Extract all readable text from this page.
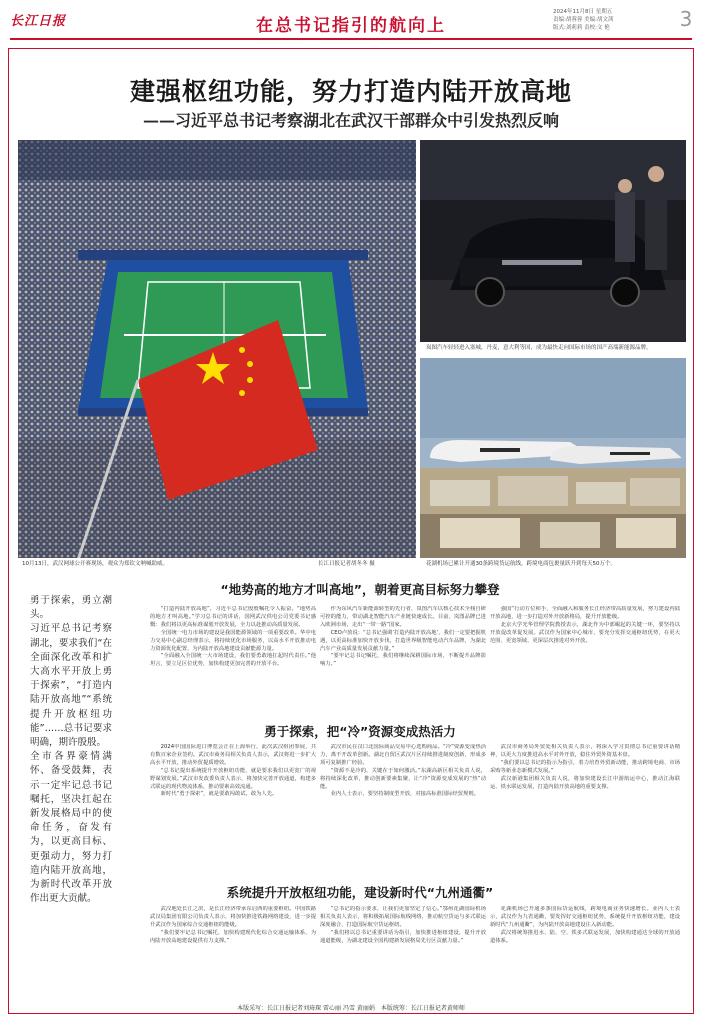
长江日报	在总书记指引的航向上
2024年11月8日 星期五
责编:胡蓉蓉 美编:胡文茜
版式:刘莉莉 责校:文 艳	3
建强枢纽功能，努力打造内陆开放高地
——习近平总书记考察湖北在武汉干部群众中引发热烈反响
10月13日，武汉网球公开赛现场，观众为郑钦文呐喊助威。	长江日报记者胡冬冬 摄
岚图汽车轻轻进入塞城，丹麦，意大利等国，成为最快走向国际市场的国产高端新能源品牌。
花湖机场已累计开通30条跨境货运航线，跨境电商包裹量跃升到每天50万个。
“地势高的地方才叫高地”，朝着更高目标努力攀登
勇于探索，勇立潮头。
习近平总书记考察湖北，要求我们“在全面深化改革和扩大高水平开放上勇于探索”，“打造内陆开放高地”“系统提升开放枢纽功能”……总书记要求明确，期许殷殷。
全市各界豪情满怀、备受鼓舞，表示一定牢记总书记嘱托，坚决扛起在新发展格局中的使命任务，奋发有为，以更高目标、更强动力，努力打造内陆开放高地，为新时代改革开放作出更大贡献。

“打造内陆开放高地”，习近平总书记殷殷嘱托令人振奋。“地势高的地方才叫高地。”学习总书记的讲话，国网武汉供电公司党委书记感慨：我们将以更高标准谋划开放发展，全力以赴推动高质量发展。

全国统一电力市场的建设是我国能源领域的一项重要改革。华中电力交易中心副总经理表示，将持续优化市场服务，以高水平开放推动电力资源优化配置，为内陆开放高地建设贡献能源力量。

“全面融入全国统一大市场建设，我们要勇敢地扛起时代责任。”他坦言，要立足区位优势，加快构建更加完善的开放平台。

作为东风汽车新能源转型的先行者，岚图汽车以核心技术全栈自研可控的能力，带动湖北智能汽车产业链快速成长。目前，岚图品牌已进入欧洲市场，走出“一带一路”国家。

CEO卢放说：“总书记强调‘打造内陆开放高地’，我们一定要把握机遇，以更高标准加快开放步伐，打造世界级智能电动汽车品牌，为湖北汽车产业高质量发展贡献力量。”

“要牢记总书记嘱托，我们将继续深耕国际市场，不断提升品牌影响力。”

强国“行动方位和手，全面融入和服务长江经济带高质量发展，努力建设内陆开放高地，进一步打造对外开放新格局，提升开放能级。

北京大学光华管理学院教授表示，湖北作为中部崛起的关键一环，要坚持以开放促改革促发展。武汉作为国家中心城市，要充分发挥交通枢纽优势，在更大范围、更宽领域、更深层次推进对外开放。

勇于探索，把“冷”资源变成热活力

2024中国国际进口博览会正在上海举行，此次武汉组团参展，共有数百家企业签约。武汉市商务局相关负责人表示，武汉将进一步扩大高水平开放，推动外贸提质增效。

“总书记提出系统提升开放枢纽功能，就是要求我们以更宽广的视野谋划发展。”武汉市发改委负责人表示，将加快完善开放通道，构建多式联运的现代物流体系，推动要素高效流通。

新时代“勇于探索”，就是要敢闯敢试，敢为人先。

武汉市民在汉口北国际商品交易中心选购商品。“冷”资源变成热活力，离不开改革创新。湖北自贸区武汉片区持续推进制度创新，形成多项可复制推广经验。

“资源不是冷的，关键在于如何激活。”东湖高新区相关负责人说，将持续深化改革，推动创新要素集聚，让“冷”资源变成发展的“热”动能。

业内人士表示，要坚持制度型开放，对接高标准国际经贸规则。

武汉市商务局外贸处相关负责人表示，将深入学习贯彻总书记重要讲话精神，以更大力度推进高水平对外开放，稳住外贸外资基本盘。

“我们要以总书记的指示为指引，着力培育外贸新动能，推动跨境电商、市场采购等新业态新模式发展。”

武汉新港集团相关负责人说，将加快建设长江中游航运中心，推动江海联运、铁水联运发展，打造内陆开放高地的重要支撑。

系统提升开放枢纽功能，建设新时代“九州通衢”

武汉地处长江之滨，是长江经济带承东启西的重要枢纽。中国铁路武汉局集团有限公司负责人表示，将加快推进铁路网络建设，进一步提升武汉作为国家综合交通枢纽的能级。

“我们要牢记总书记嘱托，加快构建现代化综合交通运输体系，为内陆开放高地建设提供有力支撑。”

“总书记的指示要求，让我们更加坚定了信心。”鄂州花湖国际机场相关负责人表示，将积极拓展国际航线网络，推动航空货运与多式联运深度融合，打造国际航空货运枢纽。

“我们将以总书记重要讲话为指引，加快推进枢纽建设，提升开放通道能级，为湖北建设全国构建新发展格局先行区贡献力量。”

花湖机场已开通多条国际货运航线，跨境电商业务快速增长。业内人士表示，武汉作为九省通衢，要发挥好交通枢纽优势，系统提升开放枢纽功能，建设新时代“九州通衢”，为内陆开放高地建设注入新动能。

武汉将统筹推进水、陆、空、铁多式联运发展，加快构建通达全球的开放通道体系。

本版采写：长江日报记者刘琦琛 雷心丽 冯雪 黄丽娟　本版统筹：长江日报记者黄师师
